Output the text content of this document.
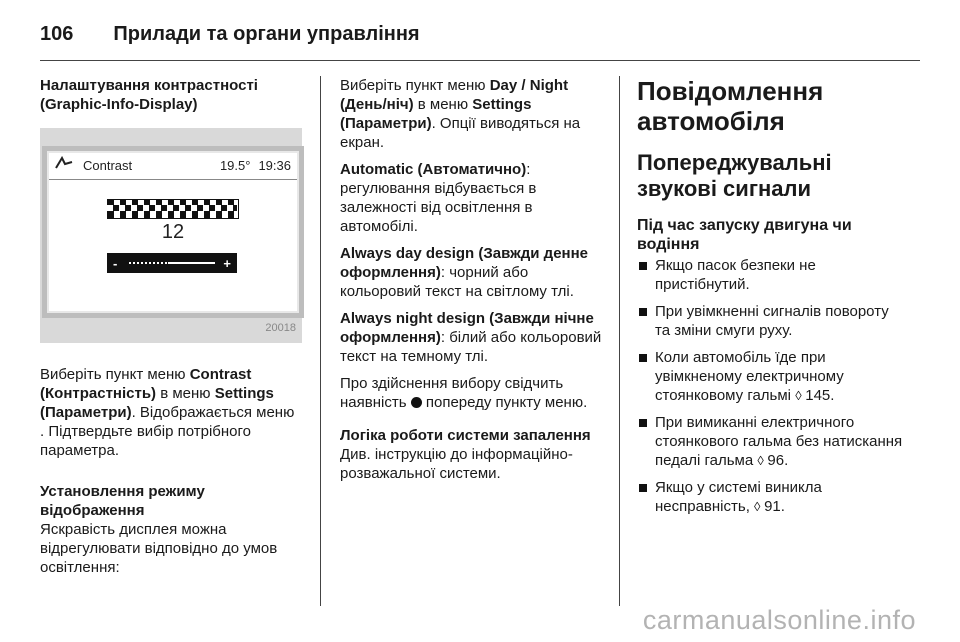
106 Прилади та органи управління
Налаштування контрастності (Graphic-Info-Display)
Contrast	19.5° 19:36
12
-	+
20018

Виберіть пункт меню Contrast (Контрастність) в меню Settings (Параметри). Відображається меню . Підтвердьте вибір потрібного параметра.

Установлення режиму відображення

Яскравість дисплея можна відрегулювати відповідно до умов освітлення:

Виберіть пункт меню Day / Night (День/ніч) в меню Settings (Параметри). Опції виводяться на екран.

Automatic (Автоматично): регулювання відбувається в залежності від освітлення в автомобілі.

Always day design (Завжди денне оформлення): чорний або кольоровий текст на світлому тлі.

Always night design (Завжди нічне оформлення): білий або кольоровий текст на темному тлі.

Про здійснення вибору свідчить наявність  попереду пункту меню.

Логіка роботи системи запалення

Див. інструкцію до інформаційно-розважальної системи.

Повідомлення автомобіля
Попереджувальні звукові сигнали
Під час запуску двигуна чи водіння
Якщо пасок безпеки не пристібнутий.
При увімкненні сигналів повороту та зміни смуги руху.
Коли автомобіль їде при увімкненому електричному стоянковому гальмі ◊ 145.
При вимиканні електричного стоянкового гальма без натискання педалі гальма ◊ 96.
Якщо у системі виникла несправність, ◊ 91.
carmanualsonline.info
